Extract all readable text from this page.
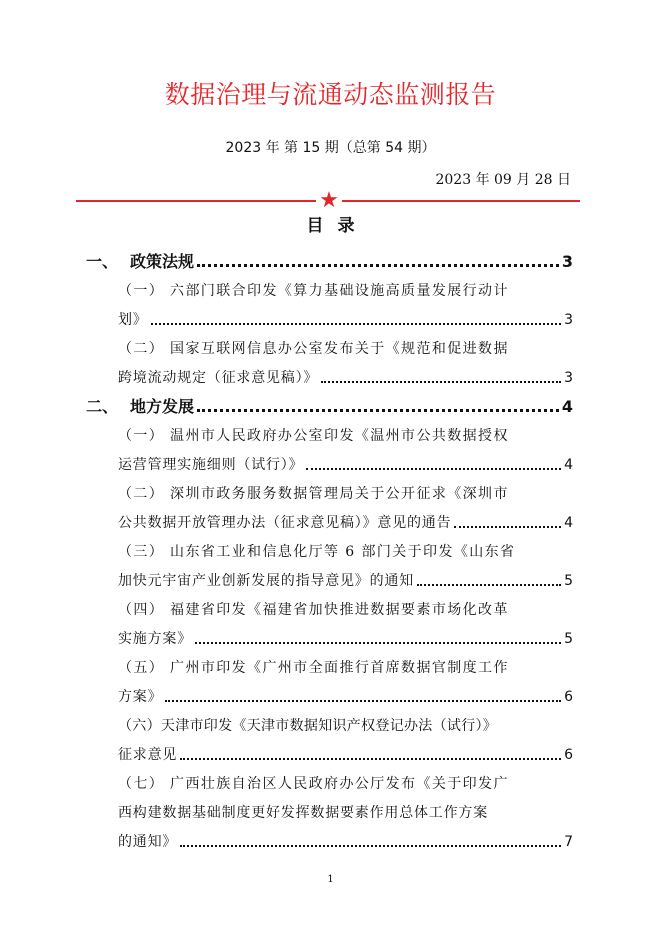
数据治理与流通动态监测报告
2023 年 第 15 期（总第 54 期）
2023 年 09 月 28 日
★
目录
一、 政策法规	3
（一） 六部门联合印发《算力基础设施高质量发展行动计
划》	3
（二） 国家互联网信息办公室发布关于《规范和促进数据
跨境流动规定（征求意见稿）》	3
二、 地方发展	4
（一） 温州市人民政府办公室印发《温州市公共数据授权
运营管理实施细则（试行）》	4
（二） 深圳市政务服务数据管理局关于公开征求《深圳市
公共数据开放管理办法（征求意见稿）》意见的通告	4
（三） 山东省工业和信息化厅等 6 部门关于印发《山东省
加快元宇宙产业创新发展的指导意见》的通知	5
（四） 福建省印发《福建省加快推进数据要素市场化改革
实施方案》	5
（五） 广州市印发《广州市全面推行首席数据官制度工作
方案》	6
（六）天津市印发《天津市数据知识产权登记办法（试行）》
征求意见	6
（七） 广西壮族自治区人民政府办公厅发布《关于印发广
西构建数据基础制度更好发挥数据要素作用总体工作方案
的通知》	7
1
